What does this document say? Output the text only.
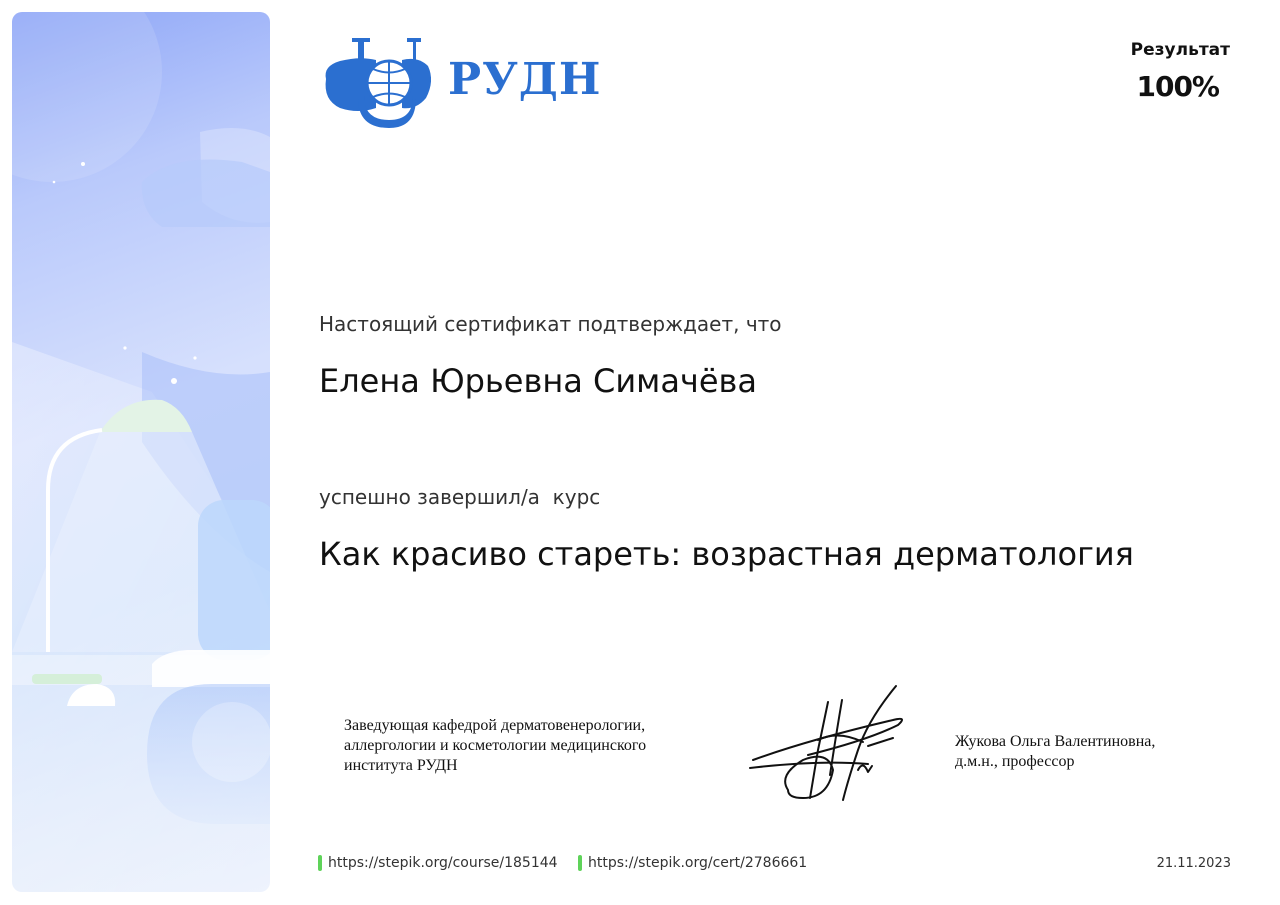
РУДН
Результат
100%
Настоящий сертификат подтверждает, что
Елена Юрьевна Симачёва
успешно завершил/а  курс
Как красиво стареть: возрастная дерматология
Заведующая кафедрой дерматовенерологии,
аллергологии и косметологии медицинского
института РУДН
Жукова Ольга Валентиновна,
д.м.н., профессор
https://stepik.org/course/185144 https://stepik.org/cert/2786661	21.11.2023
